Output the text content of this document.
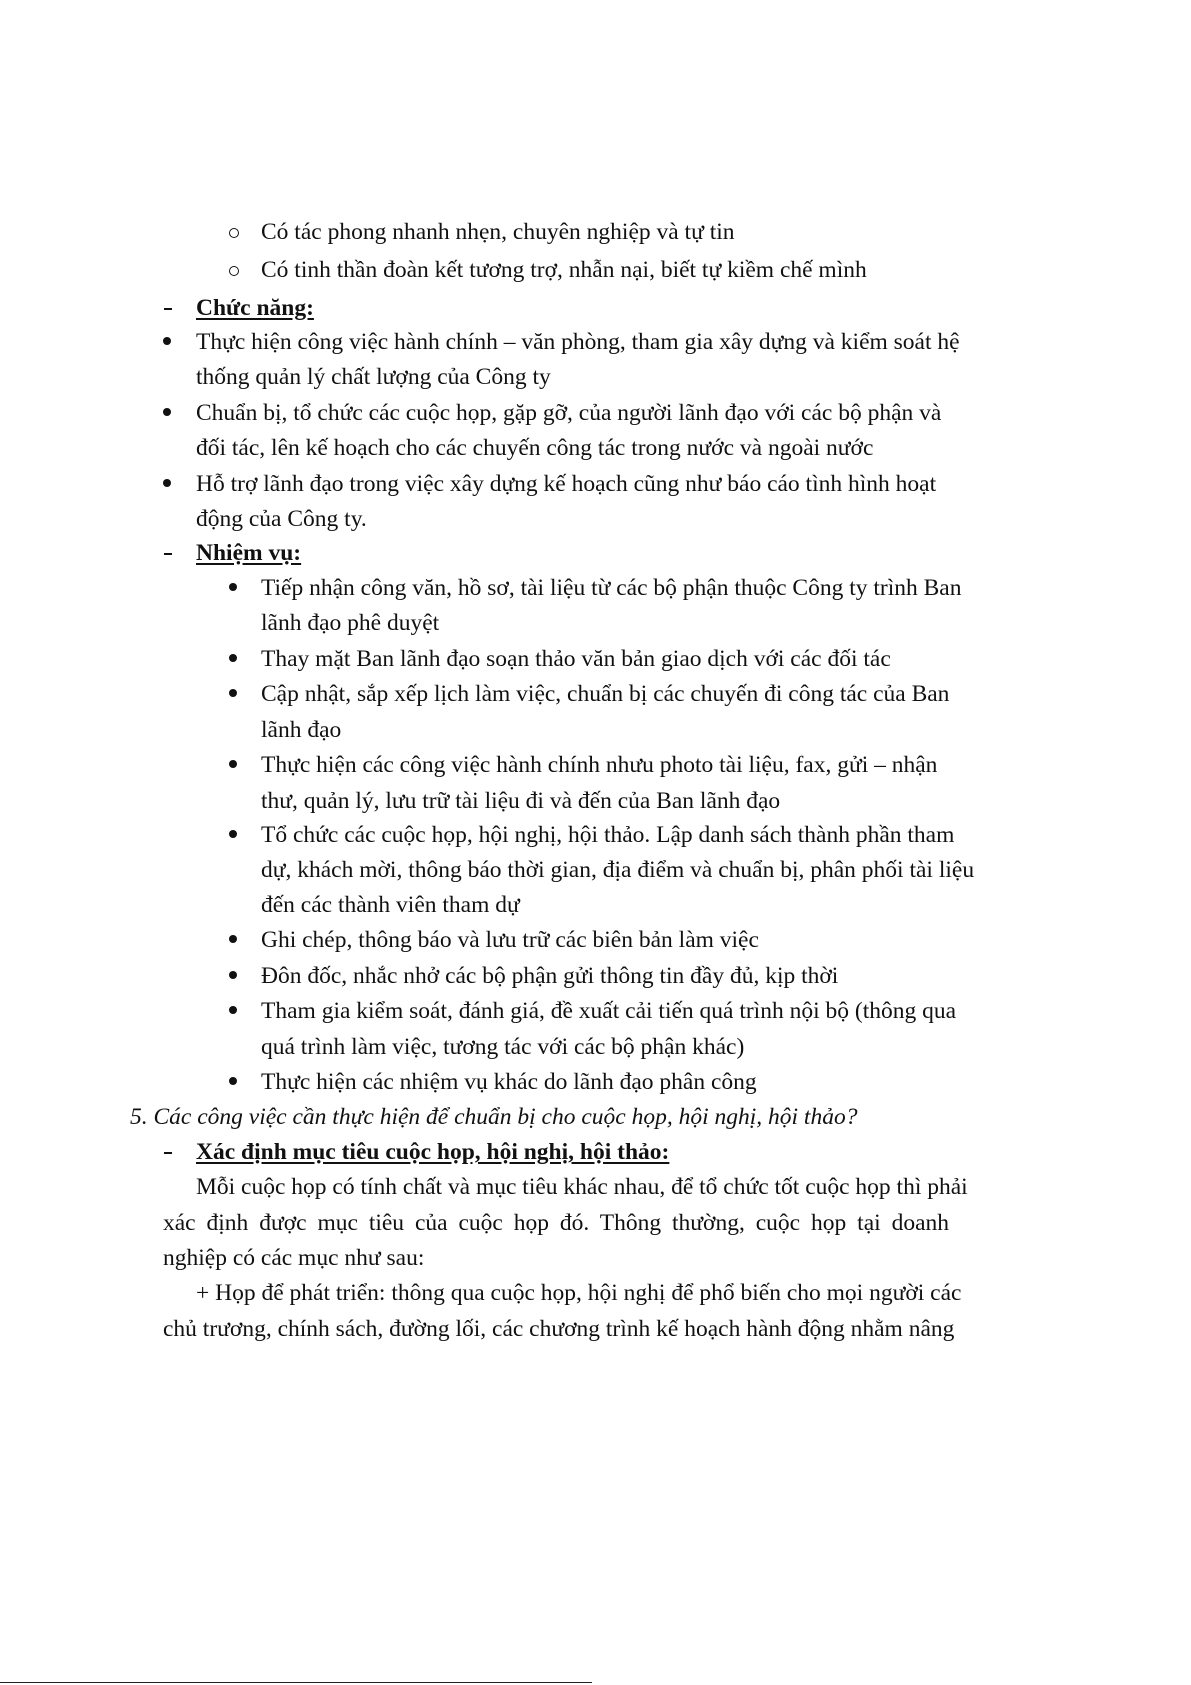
Có tác phong nhanh nhẹn, chuyên nghiệp và tự tin
Có tinh thần đoàn kết tương trợ, nhẫn nại, biết tự kiềm chế mình
Chức năng:
Thực hiện công việc hành chính – văn phòng, tham gia xây dựng và kiểm soát hệ
thống quản lý chất lượng của Công ty
Chuẩn bị, tổ chức các cuộc họp, gặp gỡ, của người lãnh đạo với các bộ phận và
đối tác, lên kế hoạch cho các chuyến công tác trong nước và ngoài nước
Hỗ trợ lãnh đạo trong việc xây dựng kế hoạch cũng như báo cáo tình hình hoạt
động của Công ty.
Nhiệm vụ:
Tiếp nhận công văn, hồ sơ, tài liệu từ các bộ phận thuộc Công ty trình Ban
lãnh đạo phê duyệt
Thay mặt Ban lãnh đạo soạn thảo văn bản giao dịch với các đối tác
Cập nhật, sắp xếp lịch làm việc, chuẩn bị các chuyến đi công tác của Ban
lãnh đạo
Thực hiện các công việc hành chính nhưu photo tài liệu, fax, gửi – nhận
thư, quản lý, lưu trữ tài liệu đi và đến của Ban lãnh đạo
Tổ chức các cuộc họp, hội nghị, hội thảo. Lập danh sách thành phần tham
dự, khách mời, thông báo thời gian, địa điểm và chuẩn bị, phân phối tài liệu
đến các thành viên tham dự
Ghi chép, thông báo và lưu trữ các biên bản làm việc
Đôn đốc, nhắc nhở các bộ phận gửi thông tin đầy đủ, kịp thời
Tham gia kiểm soát, đánh giá, đề xuất cải tiến quá trình nội bộ (thông qua
quá trình làm việc, tương tác với các bộ phận khác)
Thực hiện các nhiệm vụ khác do lãnh đạo phân công
5. Các công việc cần thực hiện để chuẩn bị cho cuộc họp, hội nghị, hội thảo?
Xác định mục tiêu cuộc họp, hội nghị, hội thảo:
Mỗi cuộc họp có tính chất và mục tiêu khác nhau, để tổ chức tốt cuộc họp thì phải
xác định được mục tiêu của cuộc họp đó. Thông thường, cuộc họp tại doanh
nghiệp có các mục như sau:
+ Họp để phát triển: thông qua cuộc họp, hội nghị để phổ biến cho mọi người các
chủ trương, chính sách, đường lối, các chương trình kế hoạch hành động nhằm nâng
